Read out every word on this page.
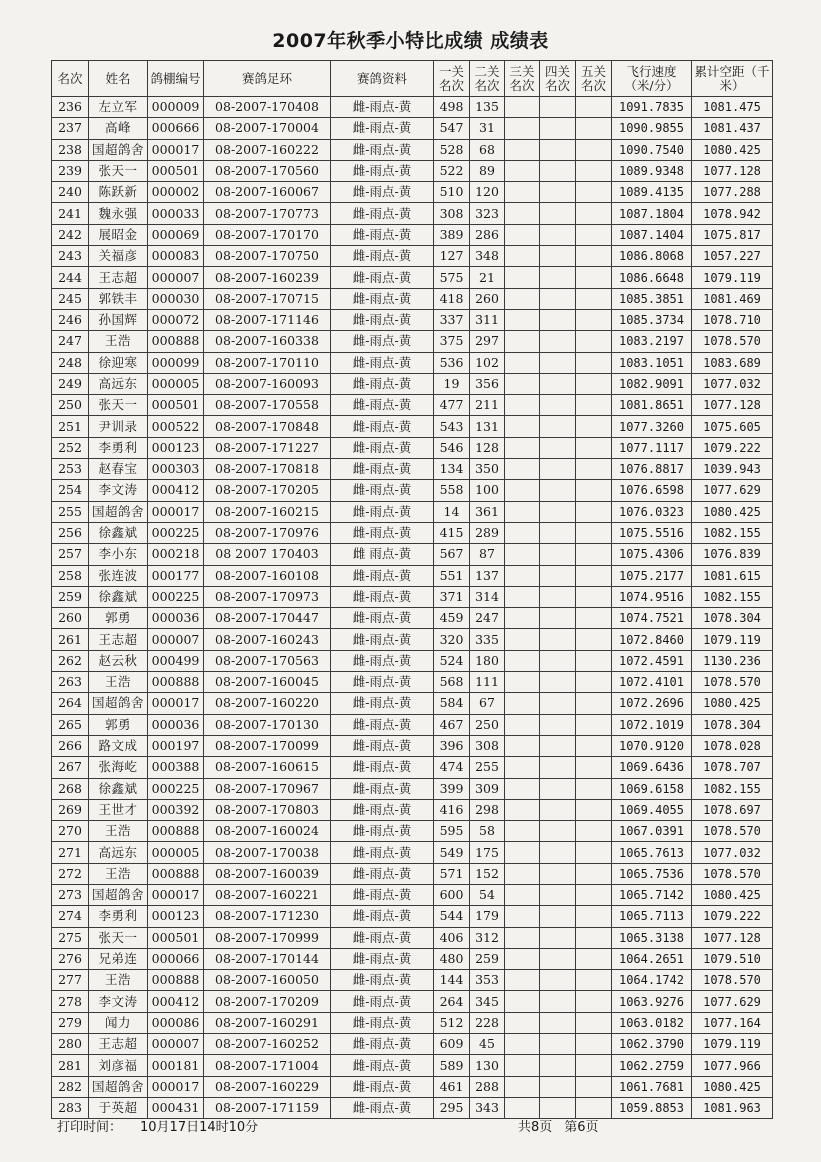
2007年秋季小特比成绩 成绩表
名次	姓名	鸽棚编号	赛鸽足环	赛鸽资料	一关名次	二关名次	三关名次	四关名次	五关名次	飞行速度（米/分）	累计空距（千米）
236	左立军	000009	08-2007-170408	雌-雨点-黄	498	135				1091.7835	1081.475
237	高峰	000666	08-2007-170004	雌-雨点-黄	547	31				1090.9855	1081.437
238	国超鸽舍	000017	08-2007-160222	雌-雨点-黄	528	68				1090.7540	1080.425
239	张天一	000501	08-2007-170560	雌-雨点-黄	522	89				1089.9348	1077.128
240	陈跃新	000002	08-2007-160067	雌-雨点-黄	510	120				1089.4135	1077.288
241	魏永强	000033	08-2007-170773	雌-雨点-黄	308	323				1087.1804	1078.942
242	展昭金	000069	08-2007-170170	雌-雨点-黄	389	286				1087.1404	1075.817
243	关福彦	000083	08-2007-170750	雌-雨点-黄	127	348				1086.8068	1057.227
244	王志超	000007	08-2007-160239	雌-雨点-黄	575	21				1086.6648	1079.119
245	郭铁丰	000030	08-2007-170715	雌-雨点-黄	418	260				1085.3851	1081.469
246	孙国辉	000072	08-2007-171146	雌-雨点-黄	337	311				1085.3734	1078.710
247	王浩	000888	08-2007-160338	雌-雨点-黄	375	297				1083.2197	1078.570
248	徐迎寒	000099	08-2007-170110	雌-雨点-黄	536	102				1083.1051	1083.689
249	高远东	000005	08-2007-160093	雌-雨点-黄	19	356				1082.9091	1077.032
250	张天一	000501	08-2007-170558	雌-雨点-黄	477	211				1081.8651	1077.128
251	尹训录	000522	08-2007-170848	雌-雨点-黄	543	131				1077.3260	1075.605
252	李勇利	000123	08-2007-171227	雌-雨点-黄	546	128				1077.1117	1079.222
253	赵春宝	000303	08-2007-170818	雌-雨点-黄	134	350				1076.8817	1039.943
254	李文涛	000412	08-2007-170205	雌-雨点-黄	558	100				1076.6598	1077.629
255	国超鸽舍	000017	08-2007-160215	雌-雨点-黄	14	361				1076.0323	1080.425
256	徐鑫斌	000225	08-2007-170976	雌-雨点-黄	415	289				1075.5516	1082.155
257	李小东	000218	08 2007 170403	雌 雨点-黄	567	87				1075.4306	1076.839
258	张连波	000177	08-2007-160108	雌-雨点-黄	551	137				1075.2177	1081.615
259	徐鑫斌	000225	08-2007-170973	雌-雨点-黄	371	314				1074.9516	1082.155
260	郭勇	000036	08-2007-170447	雌-雨点-黄	459	247				1074.7521	1078.304
261	王志超	000007	08-2007-160243	雌-雨点-黄	320	335				1072.8460	1079.119
262	赵云秋	000499	08-2007-170563	雌-雨点-黄	524	180				1072.4591	1130.236
263	王浩	000888	08-2007-160045	雌-雨点-黄	568	111				1072.4101	1078.570
264	国超鸽舍	000017	08-2007-160220	雌-雨点-黄	584	67				1072.2696	1080.425
265	郭勇	000036	08-2007-170130	雌-雨点-黄	467	250				1072.1019	1078.304
266	路文成	000197	08-2007-170099	雌-雨点-黄	396	308				1070.9120	1078.028
267	张海屹	000388	08-2007-160615	雌-雨点-黄	474	255				1069.6436	1078.707
268	徐鑫斌	000225	08-2007-170967	雌-雨点-黄	399	309				1069.6158	1082.155
269	王世才	000392	08-2007-170803	雌-雨点-黄	416	298				1069.4055	1078.697
270	王浩	000888	08-2007-160024	雌-雨点-黄	595	58				1067.0391	1078.570
271	高远东	000005	08-2007-170038	雌-雨点-黄	549	175				1065.7613	1077.032
272	王浩	000888	08-2007-160039	雌-雨点-黄	571	152				1065.7536	1078.570
273	国超鸽舍	000017	08-2007-160221	雌-雨点-黄	600	54				1065.7142	1080.425
274	李勇利	000123	08-2007-171230	雌-雨点-黄	544	179				1065.7113	1079.222
275	张天一	000501	08-2007-170999	雌-雨点-黄	406	312				1065.3138	1077.128
276	兄弟连	000066	08-2007-170144	雌-雨点-黄	480	259				1064.2651	1079.510
277	王浩	000888	08-2007-160050	雌-雨点-黄	144	353				1064.1742	1078.570
278	李文涛	000412	08-2007-170209	雌-雨点-黄	264	345				1063.9276	1077.629
279	闻力	000086	08-2007-160291	雌-雨点-黄	512	228				1063.0182	1077.164
280	王志超	000007	08-2007-160252	雌-雨点-黄	609	45				1062.3790	1079.119
281	刘彦福	000181	08-2007-171004	雌-雨点-黄	589	130				1062.2759	1077.966
282	国超鸽舍	000017	08-2007-160229	雌-雨点-黄	461	288				1061.7681	1080.425
283	于英超	000431	08-2007-171159	雌-雨点-黄	295	343				1059.8853	1081.963
打印时间： 10月17日14时10分	共8页 第6页
